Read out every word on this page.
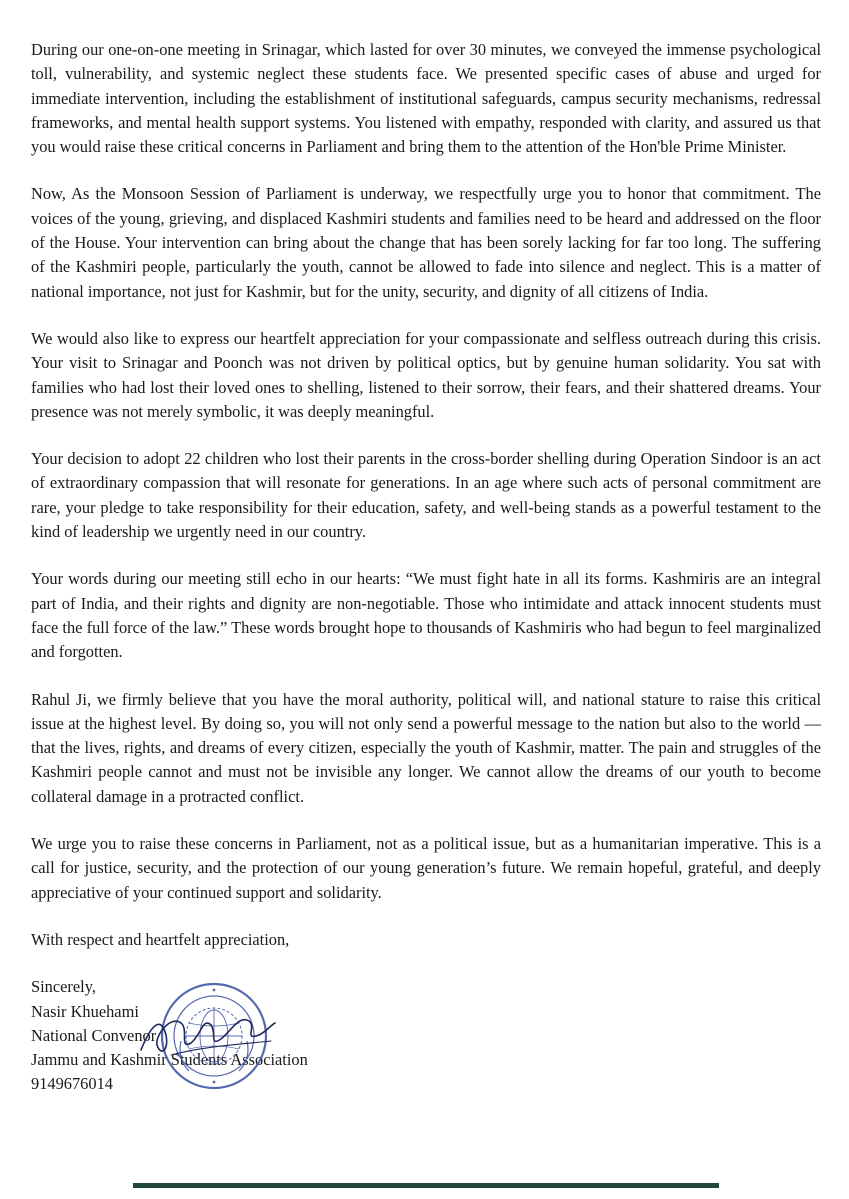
During our one-on-one meeting in Srinagar, which lasted for over 30 minutes, we conveyed the immense psychological toll, vulnerability, and systemic neglect these students face. We presented specific cases of abuse and urged for immediate intervention, including the establishment of institutional safeguards, campus security mechanisms, redressal frameworks, and mental health support systems. You listened with empathy, responded with clarity, and assured us that you would raise these critical concerns in Parliament and bring them to the attention of the Hon'ble Prime Minister.

Now, As the Monsoon Session of Parliament is underway, we respectfully urge you to honor that commitment. The voices of the young, grieving, and displaced Kashmiri students and families need to be heard and addressed on the floor of the House. Your intervention can bring about the change that has been sorely lacking for far too long. The suffering of the Kashmiri people, particularly the youth, cannot be allowed to fade into silence and neglect. This is a matter of national importance, not just for Kashmir, but for the unity, security, and dignity of all citizens of India.

We would also like to express our heartfelt appreciation for your compassionate and selfless outreach during this crisis. Your visit to Srinagar and Poonch was not driven by political optics, but by genuine human solidarity. You sat with families who had lost their loved ones to shelling, listened to their sorrow, their fears, and their shattered dreams. Your presence was not merely symbolic, it was deeply meaningful.

Your decision to adopt 22 children who lost their parents in the cross-border shelling during Operation Sindoor is an act of extraordinary compassion that will resonate for generations. In an age where such acts of personal commitment are rare, your pledge to take responsibility for their education, safety, and well-being stands as a powerful testament to the kind of leadership we urgently need in our country.

Your words during our meeting still echo in our hearts: “We must fight hate in all its forms. Kashmiris are an integral part of India, and their rights and dignity are non-negotiable. Those who intimidate and attack innocent students must face the full force of the law.” These words brought hope to thousands of Kashmiris who had begun to feel marginalized and forgotten.

Rahul Ji, we firmly believe that you have the moral authority, political will, and national stature to raise this critical issue at the highest level. By doing so, you will not only send a powerful message to the nation but also to the world — that the lives, rights, and dreams of every citizen, especially the youth of Kashmir, matter. The pain and struggles of the Kashmiri people cannot and must not be invisible any longer. We cannot allow the dreams of our youth to become collateral damage in a protracted conflict.

We urge you to raise these concerns in Parliament, not as a political issue, but as a humanitarian imperative. This is a call for justice, security, and the protection of our young generation’s future. We remain hopeful, grateful, and deeply appreciative of your continued support and solidarity.

With respect and heartfelt appreciation,

Sincerely,
Nasir Khuehami
National Convenor
Jammu and Kashmir Students Association
9149676014
